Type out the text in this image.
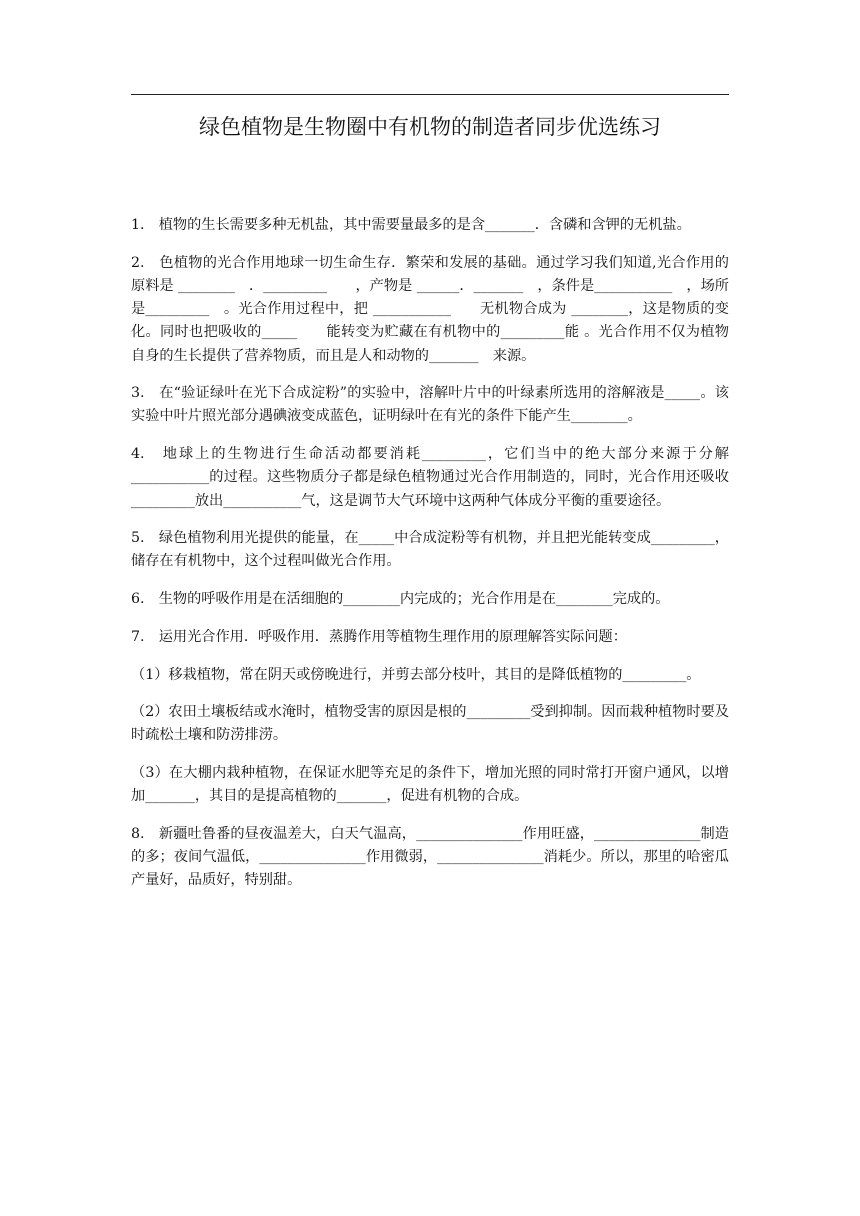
绿色植物是生物圈中有机物的制造者同步优选练习

1.　植物的生长需要多种无机盐，其中需要量最多的是含_______．含磷和含钾的无机盐。

2.　色植物的光合作用地球一切生命生存．繁荣和发展的基础。通过学习我们知道,光合作用的原料是 ________　．_________　　，产物是 ______．_______　，条件是___________　，场所是_________　。光合作用过程中，把 ___________　　无机物合成为 ________，这是物质的变化。同时也把吸收的_____　　能转变为贮藏在有机物中的_________能 。光合作用不仅为植物自身的生长提供了营养物质，而且是人和动物的_______　来源。

3.　在“验证绿叶在光下合成淀粉”的实验中，溶解叶片中的叶绿素所选用的溶解液是_____。该实验中叶片照光部分遇碘液变成蓝色，证明绿叶在有光的条件下能产生________。

4.　地球上的生物进行生命活动都要消耗_________，它们当中的绝大部分来源于分解___________的过程。这些物质分子都是绿色植物通过光合作用制造的，同时，光合作用还吸收_________放出___________气，这是调节大气环境中这两种气体成分平衡的重要途径。

5.　绿色植物利用光提供的能量，在_____中合成淀粉等有机物，并且把光能转变成_________，储存在有机物中，这个过程叫做光合作用。

6.　生物的呼吸作用是在活细胞的________内完成的；光合作用是在________完成的。

7.　运用光合作用．呼吸作用．蒸腾作用等植物生理作用的原理解答实际问题：

（1）移栽植物，常在阴天或傍晚进行，并剪去部分枝叶，其目的是降低植物的_________。

（2）农田土壤板结或水淹时，植物受害的原因是根的_________受到抑制。因而栽种植物时要及时疏松土壤和防涝排涝。

（3）在大棚内栽种植物，在保证水肥等充足的条件下，增加光照的同时常打开窗户通风，以增加_______，其目的是提高植物的_______，促进有机物的合成。

8.　新疆吐鲁番的昼夜温差大，白天气温高，_______________作用旺盛，_______________制造的多；夜间气温低，_______________作用微弱，_______________消耗少。所以，那里的哈密瓜产量好，品质好，特别甜。
